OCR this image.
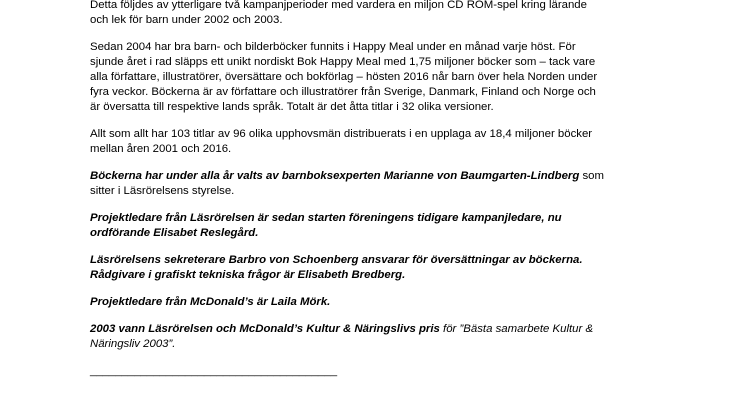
Detta följdes av ytterligare två kampanjperioder med vardera en miljon CD ROM-spel kring lärande
och lek för barn under 2002 och 2003.

Sedan 2004 har bra barn- och bilderböcker funnits i Happy Meal under en månad varje höst. För
sjunde året i rad släpps ett unikt nordiskt Bok Happy Meal med 1,75 miljoner böcker som – tack vare
alla författare, illustratörer, översättare och bokförlag – hösten 2016 når barn över hela Norden under
fyra veckor. Böckerna är av författare och illustratörer från Sverige, Danmark, Finland och Norge och
är översatta till respektive lands språk. Totalt är det åtta titlar i 32 olika versioner.

Allt som allt har 103 titlar av 96 olika upphovsmän distribuerats i en upplaga av 18,4 miljoner böcker
mellan åren 2001 och 2016.

Böckerna har under alla år valts av barnboksexperten Marianne von Baumgarten-Lindberg som
sitter i Läsrörelsens styrelse.

Projektledare från Läsrörelsen är sedan starten föreningens tidigare kampanjledare, nu
ordförande Elisabet Reslegård.

Läsrörelsens sekreterare Barbro von Schoenberg ansvarar för översättningar av böckerna.
Rådgivare i grafiskt tekniska frågor är Elisabeth Bredberg.

Projektledare från McDonald’s är Laila Mörk.

2003 vann Läsrörelsen och McDonald’s Kultur & Näringslivs pris för ”Bästa samarbete Kultur &
Näringsliv 2003”.

_______________________________________
